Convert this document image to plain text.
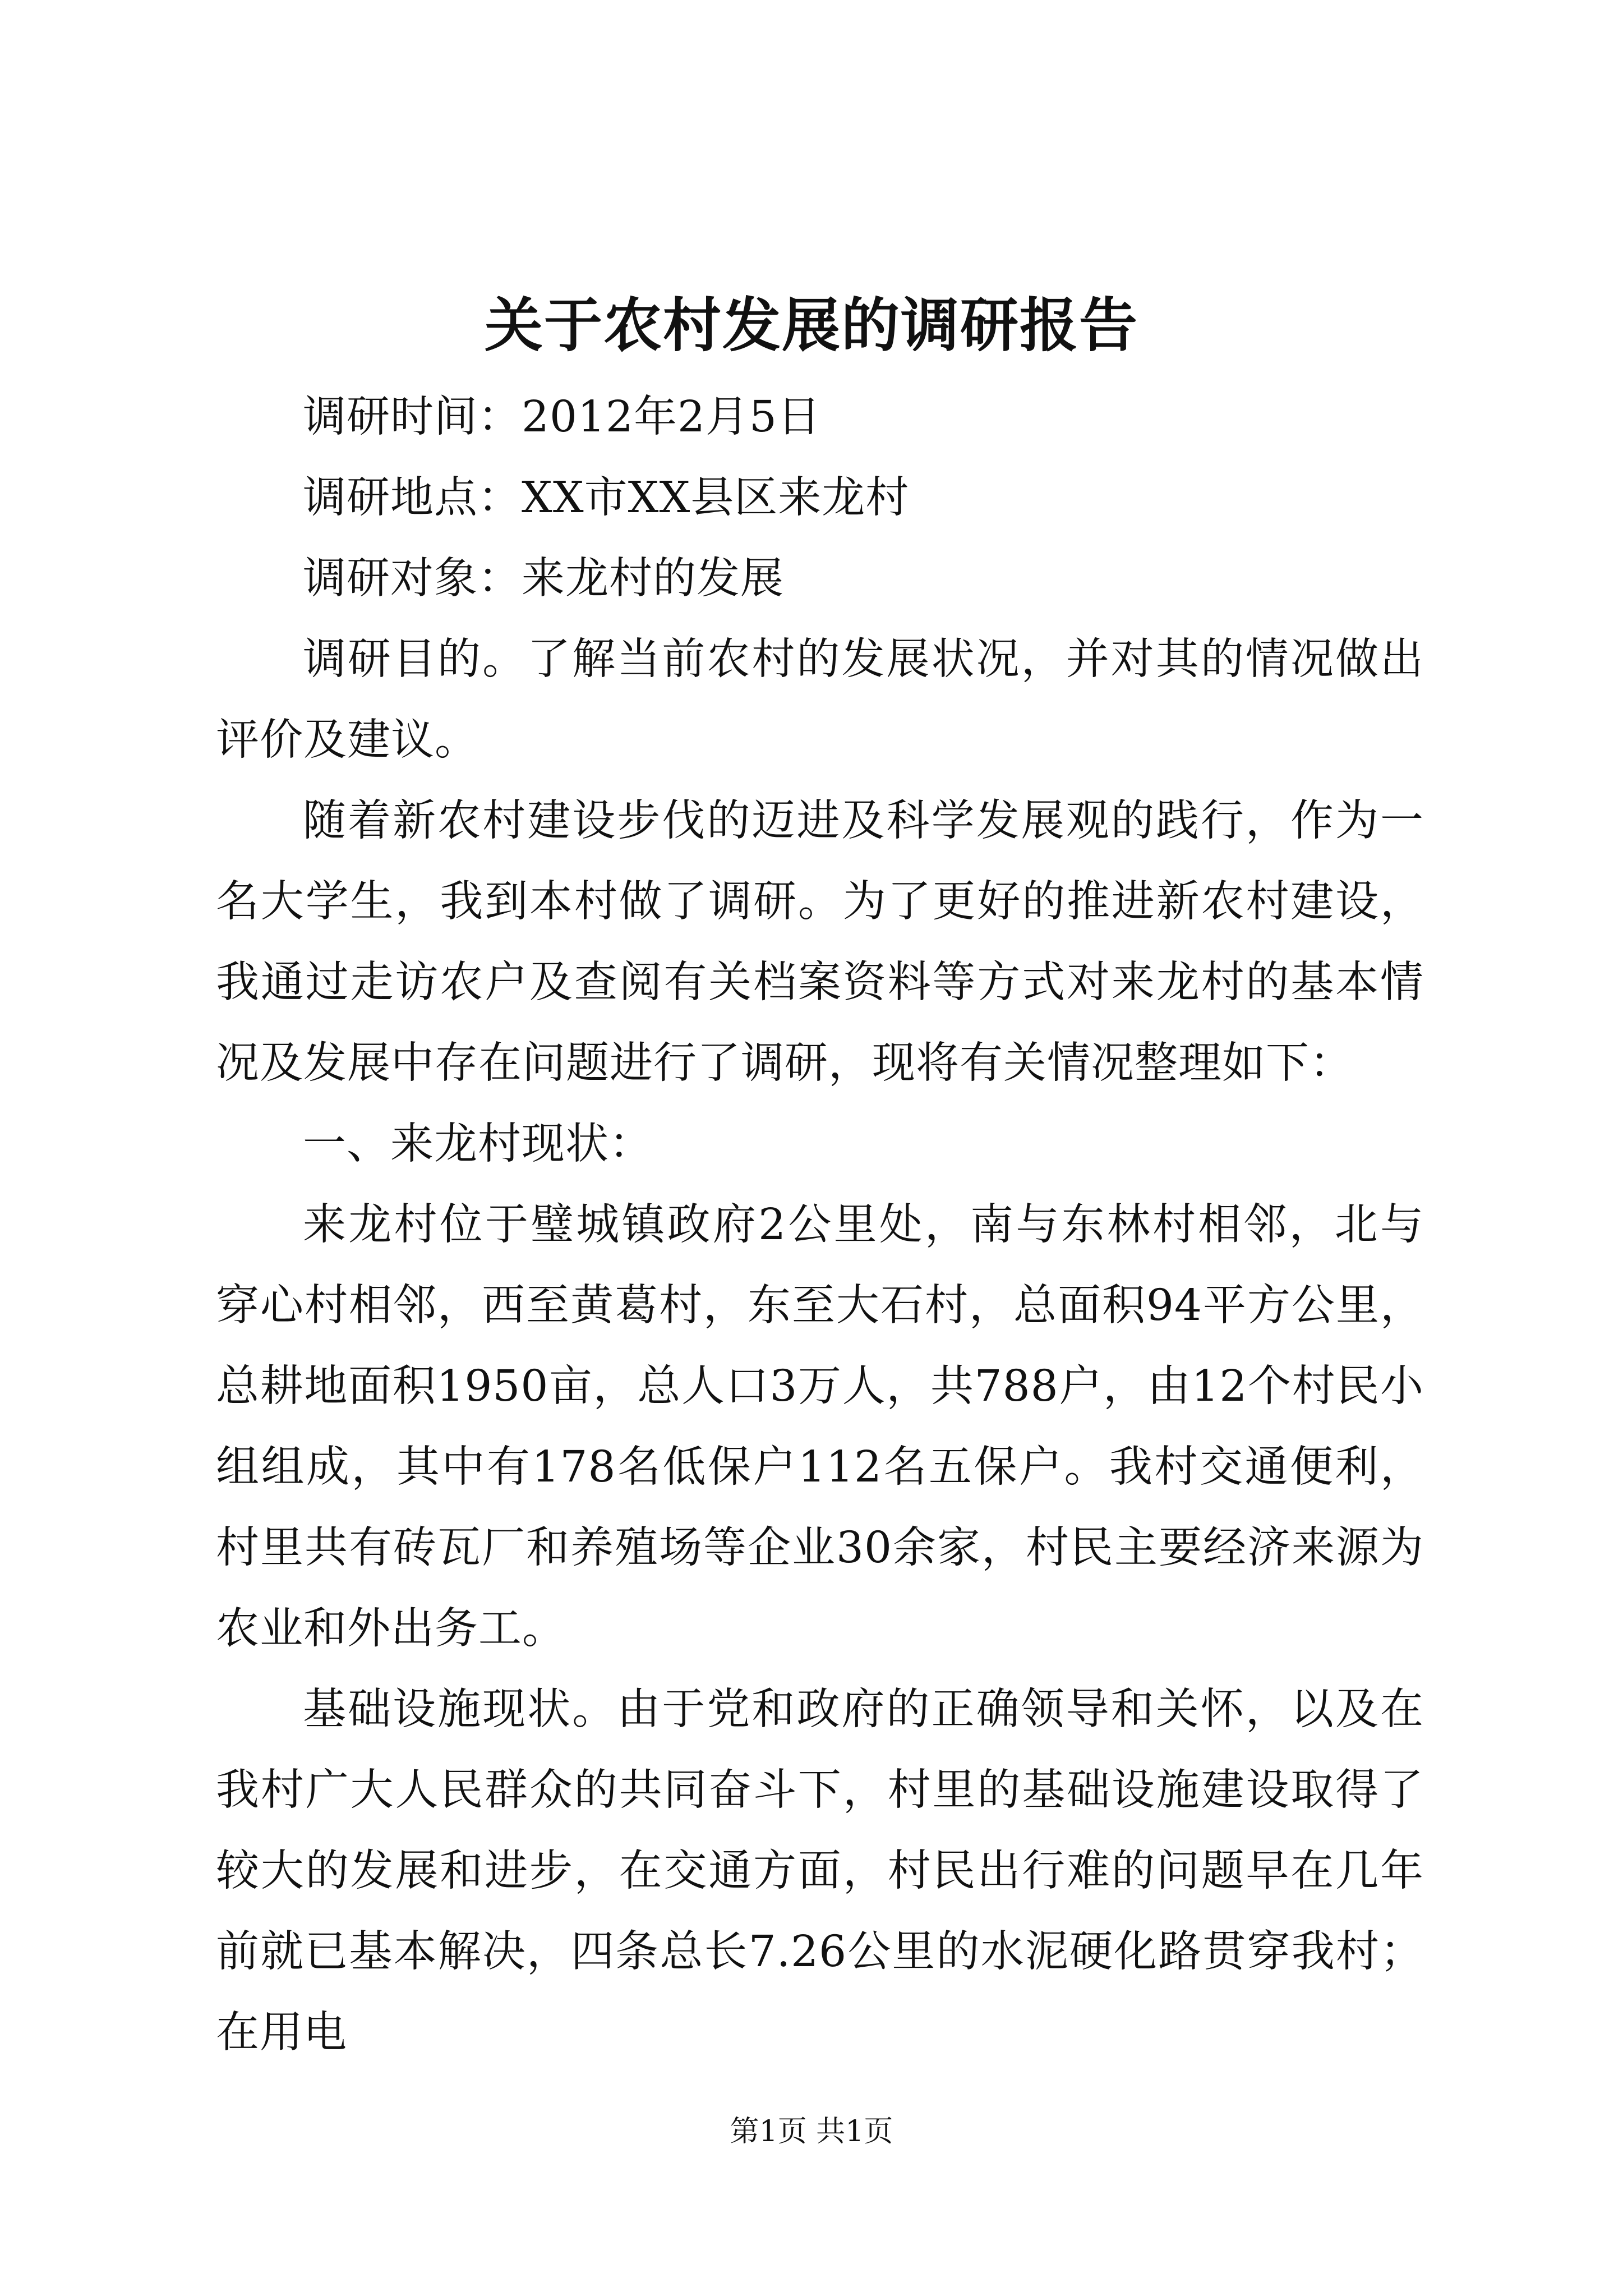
关于农村发展的调研报告

调研时间：2012年2月5日

调研地点：XX市XX县区来龙村

调研对象：来龙村的发展

调研目的。了解当前农村的发展状况，并对其的情况做出评价及建议。

随着新农村建设步伐的迈进及科学发展观的践行，作为一名大学生，我到本村做了调研。为了更好的推进新农村建设，我通过走访农户及查阅有关档案资料等方式对来龙村的基本情况及发展中存在问题进行了调研，现将有关情况整理如下：

一、来龙村现状：

来龙村位于璧城镇政府2公里处，南与东林村相邻，北与穿心村相邻，西至黄葛村，东至大石村，总面积94平方公里，总耕地面积1950亩，总人口3万人，共788户，由12个村民小组组成，其中有178名低保户112名五保户。我村交通便利，村里共有砖瓦厂和养殖场等企业30余家，村民主要经济来源为农业和外出务工。

基础设施现状。由于党和政府的正确领导和关怀，以及在我村广大人民群众的共同奋斗下，村里的基础设施建设取得了较大的发展和进步，在交通方面，村民出行难的问题早在几年前就已基本解决，四条总长7.26公里的水泥硬化路贯穿我村；在用电

第1页 共1页
